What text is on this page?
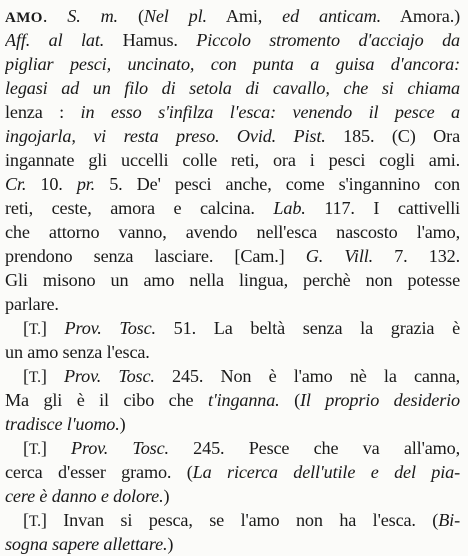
AMO. S. m. (Nel pl. Ami, ed anticam. Amora.)
Aff. al lat. Hamus. Piccolo stromento d'acciajo da
pigliar pesci, uncinato, con punta a guisa d'ancora:
legasi ad un filo di setola di cavallo, che si chiama
lenza : in esso s'infilza l'esca: venendo il pesce a
ingojarla, vi resta preso. Ovid. Pist. 185. (C) Ora
ingannate gli uccelli colle reti, ora i pesci cogli ami.
Cr. 10. pr. 5. De' pesci anche, come s'ingannino con
reti, ceste, amora e calcina. Lab. 117. I cattivelli
che attorno vanno, avendo nell'esca nascosto l'amo,
prendono senza lasciare. [Cam.] G. Vill. 7. 132.
Gli misono un amo nella lingua, perchè non potesse
parlare.
[T.] Prov. Tosc. 51. La beltà senza la grazia è
un amo senza l'esca.
[T.] Prov. Tosc. 245. Non è l'amo nè la canna,
Ma gli è il cibo che t'inganna. (Il proprio desiderio
tradisce l'uomo.)
[T.] Prov. Tosc. 245. Pesce che va all'amo,
cerca d'esser gramo. (La ricerca dell'utile e del pia-
cere è danno e dolore.)
[T.] Invan si pesca, se l'amo non ha l'esca. (Bi-
sogna sapere allettare.)
